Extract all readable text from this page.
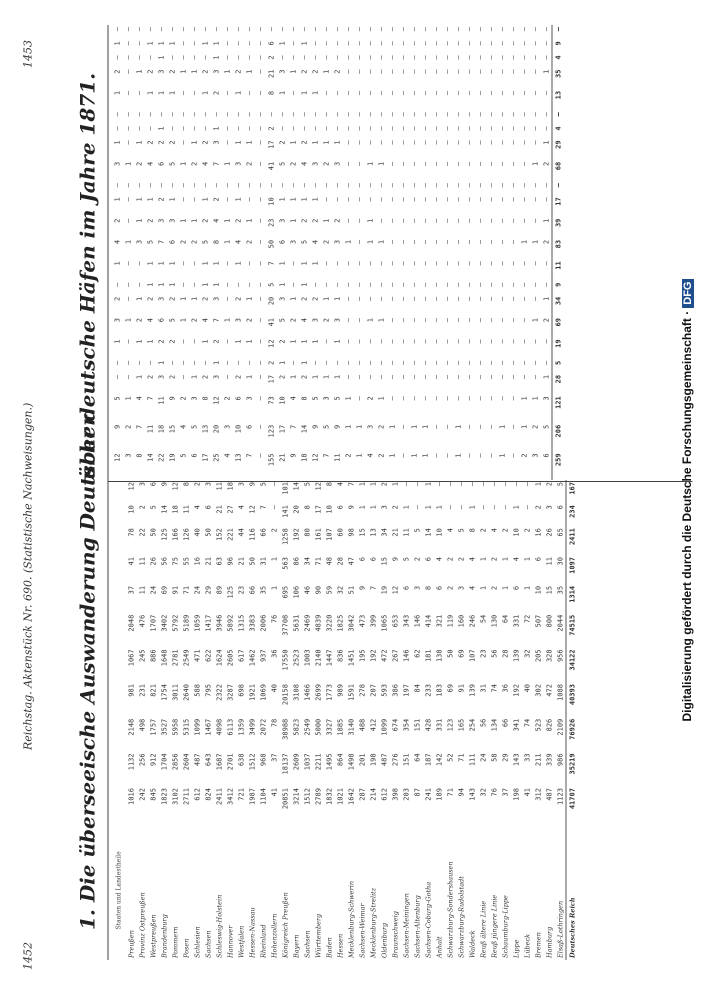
1452
Reichstag. Aktenstück Nr. 690. (Statistische Nachweisungen.)
1453
1. Die überseeische Auswanderung Deutscher
über deutsche Häfen im Jahre 1871.
Staaten und Landestheile											
Preußen	1016	1132	2148	981	1067	2048	37	41	78	10	12
Provinz Ostpreußen	242	256	498	231	245	476	11	11	22	2	3
Westpreußen	845	912	1757	821	886	1707	24	26	50	5	6
Brandenburg	1823	1704	3527	1754	1648	3402	69	56	125	14	9
Pommern	3102	2856	5958	3011	2781	5792	91	75	166	18	12
Posen	2711	2604	5315	2640	2549	5189	71	55	126	11	8
Schlesien	612	487	1099	588	471	1059	24	16	40	4	2
Sachsen	824	643	1467	795	622	1417	29	21	50	6	3
Schleswig-Holstein	2411	1687	4098	2322	1624	3946	89	63	152	21	11
Hannover	3412	2701	6113	3287	2605	5892	125	96	221	27	18
Westfalen	721	638	1359	698	617	1315	23	21	44	4	3
Hessen-Nassau	1987	1512	3499	1921	1462	3383	66	50	116	12	9
Rheinland	1104	968	2072	1069	937	2006	35	31	66	7	5
Hohenzollern	41	37	78	40	36	76	1	1	2	—	—
Königreich Preußen	20851	18137	38988	20158	17550	37708	695	563	1258	141	101
Bayern	3214	2609	5823	3108	2523	5631	106	86	192	20	14
Sachsen	1512	1037	2549	1466	1003	2469	46	34	80	8	5
Württemberg	2789	2211	5000	2699	2140	4839	90	71	161	17	12
Baden	1832	1495	3327	1773	1447	3220	59	48	107	10	8
Hessen	1021	864	1885	989	836	1825	32	28	60	6	4
Mecklenburg-Schwerin	1642	1498	3140	1591	1451	3042	51	47	98	9	7
Sachsen-Weimar	287	201	488	278	195	473	9	6	15	1	1
Mecklenburg-Strelitz	214	198	412	207	192	399	7	6	13	1	1
Oldenburg	612	487	1099	593	472	1065	19	15	34	3	2
Braunschweig	398	276	674	386	267	653	12	9	21	2	1
Sachsen-Meiningen	203	151	354	197	146	343	6	5	11	1	—
Sachsen-Altenburg	87	64	151	84	62	146	3	2	5	—	—
Sachsen-Coburg-Gotha	241	187	428	233	181	414	8	6	14	1	1
Anhalt	189	142	331	183	138	321	6	4	10	1	—
Schwarzburg-Sondershausen	71	52	123	69	50	119	2	2	4	—	—
Schwarzburg-Rudolstadt	94	71	165	91	69	160	3	2	5	—	—
Waldeck	143	111	254	139	107	246	4	4	8	1	—
Reuß ältere Linie	32	24	56	31	23	54	1	1	2	—	—
Reuß jüngere Linie	76	58	134	74	56	130	2	2	4	—	—
Schaumburg-Lippe	37	29	66	36	28	64	1	1	2	—	—
Lippe	198	143	341	192	139	331	6	4	10	1	—
Lübeck	41	33	74	40	32	72	1	1	2	—	—
Bremen	312	211	523	302	205	507	10	6	16	2	1
Hamburg	487	339	826	472	328	800	15	11	26	3	2
Elsaß-Lothringen	1123	986	2109	1088	956	2044	35	30	65	6	5
Deutsches Reich	41707	35219	76926	40393	34122	74515	1314	1097	2411	234	167
12	9	5	—	—	1	3	2	—	1	4	2	1	—	3	1	—	—	1	2	—	1	—
3	2	1	—	—	—	1	—	—	—	1	—	—	—	1	—	—	—	—	—	—	—	—
8	7	4	1	—	1	2	1	—	—	3	1	1	—	2	1	—	—	—	1	—	—	—
14	11	7	2	—	1	4	2	1	1	5	2	1	—	4	2	—	—	1	2	—	1	—
22	18	11	3	1	2	6	3	1	1	7	3	2	—	6	2	1	—	1	3	1	1	—
19	15	9	2	—	2	5	2	1	1	6	3	1	—	5	2	—	—	1	2	—	1	—
5	4	2	—	—	—	1	1	—	—	2	1	—	—	1	—	—	—	—	1	—	—	—
6	5	3	1	—	—	2	1	—	—	2	1	—	—	2	1	—	—	—	1	—	—	—
17	13	8	2	—	1	4	2	1	1	5	2	1	—	4	2	—	—	1	2	—	1	—
25	20	12	3	1	2	7	3	1	1	8	4	2	—	7	3	1	—	2	3	1	1	—
4	3	2	—	—	—	1	—	—	—	1	1	—	—	1	—	—	—	—	1	—	—	—
13	10	6	2	—	1	3	2	—	1	4	2	1	—	3	1	—	—	1	2	—	—	—
7	6	3	1	—	1	2	1	—	—	2	1	—	—	2	1	—	—	—	1	—	—	—
—	—	—	—	—	—	—	—	—	—	—	—	—	—	—	—	—	—	—	—	—	—	—
155	123	73	17	2	12	41	20	5	7	50	23	10	—	41	17	2	—	8	21	2	6	—
21	17	10	2	1	2	5	3	1	1	6	3	1	—	5	2	—	—	1	3	—	1	—
9	7	4	1	—	1	2	1	—	—	3	1	1	—	2	1	—	—	—	1	—	—	—
18	14	8	2	1	1	4	2	1	1	5	2	1	—	4	2	—	—	1	2	—	1	—
12	9	5	1	—	1	3	2	—	1	4	2	1	—	3	1	—	—	1	2	—	—	—
7	5	3	1	—	—	2	1	—	—	2	1	—	—	2	1	—	—	—	1	—	—	—
11	9	5	1	—	1	3	1	—	—	3	2	—	—	3	1	—	—	—	2	—	—	—
2	1	1	—	—	—	—	—	—	—	1	—	—	—	—	—	—	—	—	—	—	—	—
1	1	—	—	—	—	—	—	—	—	—	—	—	—	—	—	—	—	—	—	—	—	—
4	3	2	—	—	—	1	—	—	—	1	1	—	—	1	—	—	—	—	—	—	—	—
2	2	1	—	—	—	1	—	—	—	1	—	—	—	1	—	—	—	—	—	—	—	—
1	1	—	—	—	—	—	—	—	—	—	—	—	—	—	—	—	—	—	—	—	—	—
—	—	—	—	—	—	—	—	—	—	—	—	—	—	—	—	—	—	—	—	—	—	—
1	1	—	—	—	—	—	—	—	—	—	—	—	—	—	—	—	—	—	—	—	—	—
1	1	—	—	—	—	—	—	—	—	—	—	—	—	—	—	—	—	—	—	—	—	—
—	—	—	—	—	—	—	—	—	—	—	—	—	—	—	—	—	—	—	—	—	—	—
—	—	—	—	—	—	—	—	—	—	—	—	—	—	—	—	—	—	—	—	—	—	—
1	1	—	—	—	—	—	—	—	—	—	—	—	—	—	—	—	—	—	—	—	—	—
—	—	—	—	—	—	—	—	—	—	—	—	—	—	—	—	—	—	—	—	—	—	—
—	—	—	—	—	—	—	—	—	—	—	—	—	—	—	—	—	—	—	—	—	—	—
—	—	—	—	—	—	—	—	—	—	—	—	—	—	—	—	—	—	—	—	—	—	—
1	1	—	—	—	—	—	—	—	—	—	—	—	—	—	—	—	—	—	—	—	—	—
—	—	—	—	—	—	—	—	—	—	—	—	—	—	—	—	—	—	—	—	—	—	—
2	1	1	—	—	—	—	—	—	—	1	—	—	—	—	—	—	—	—	—	—	—	—
3	2	1	—	—	—	1	—	—	—	1	—	—	—	1	—	—	—	—	—	—	—	—
6	5	3	1	—	—	2	1	—	—	2	1	—	—	2	1	—	—	—	1	—	—	—
259	206	121	28	5	19	69	34	9	11	83	39	17	—	68	29	4	—	13	35	4	9	—
Digitalisierung gefördert durch die Deutsche Forschungsgemeinschaft ·DFG
